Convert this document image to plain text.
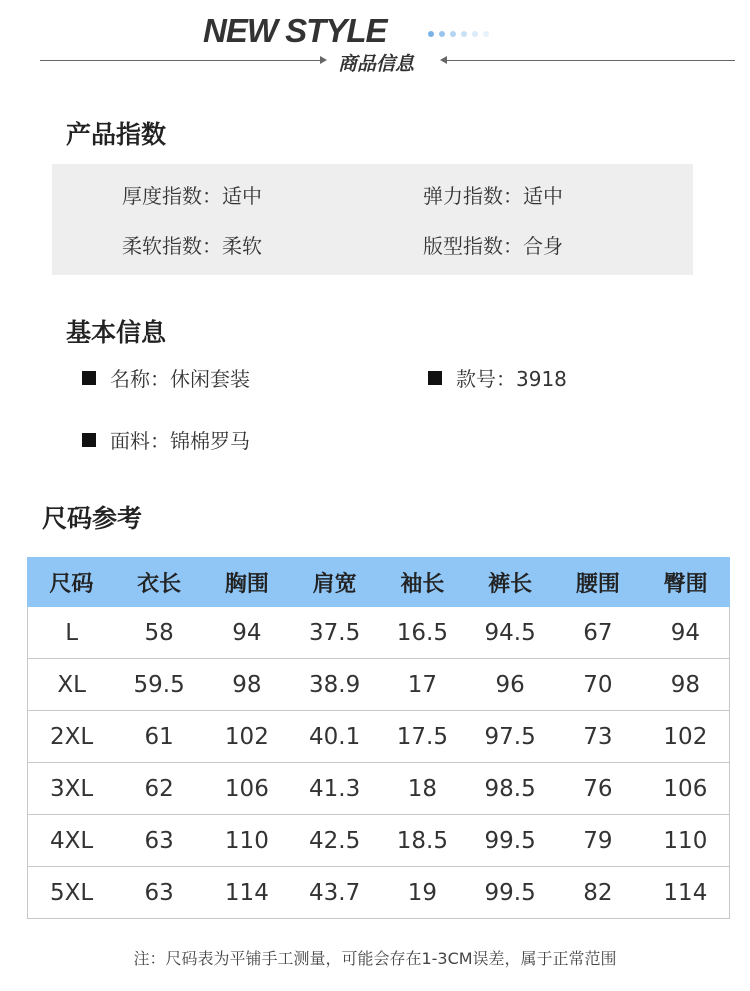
NEW STYLE
商品信息
产品指数
厚度指数：适中	弹力指数：适中
柔软指数：柔软	版型指数：合身
基本信息
名称：休闲套装	款号：3918
面料：锦棉罗马
尺码参考
尺码	衣长	胸围	肩宽	袖长	裤长	腰围	臀围
L	58	94	37.5	16.5	94.5	67	94
XL	59.5	98	38.9	17	96	70	98
2XL	61	102	40.1	17.5	97.5	73	102
3XL	62	106	41.3	18	98.5	76	106
4XL	63	110	42.5	18.5	99.5	79	110
5XL	63	114	43.7	19	99.5	82	114
注：尺码表为平铺手工测量，可能会存在1-3CM误差，属于正常范围
